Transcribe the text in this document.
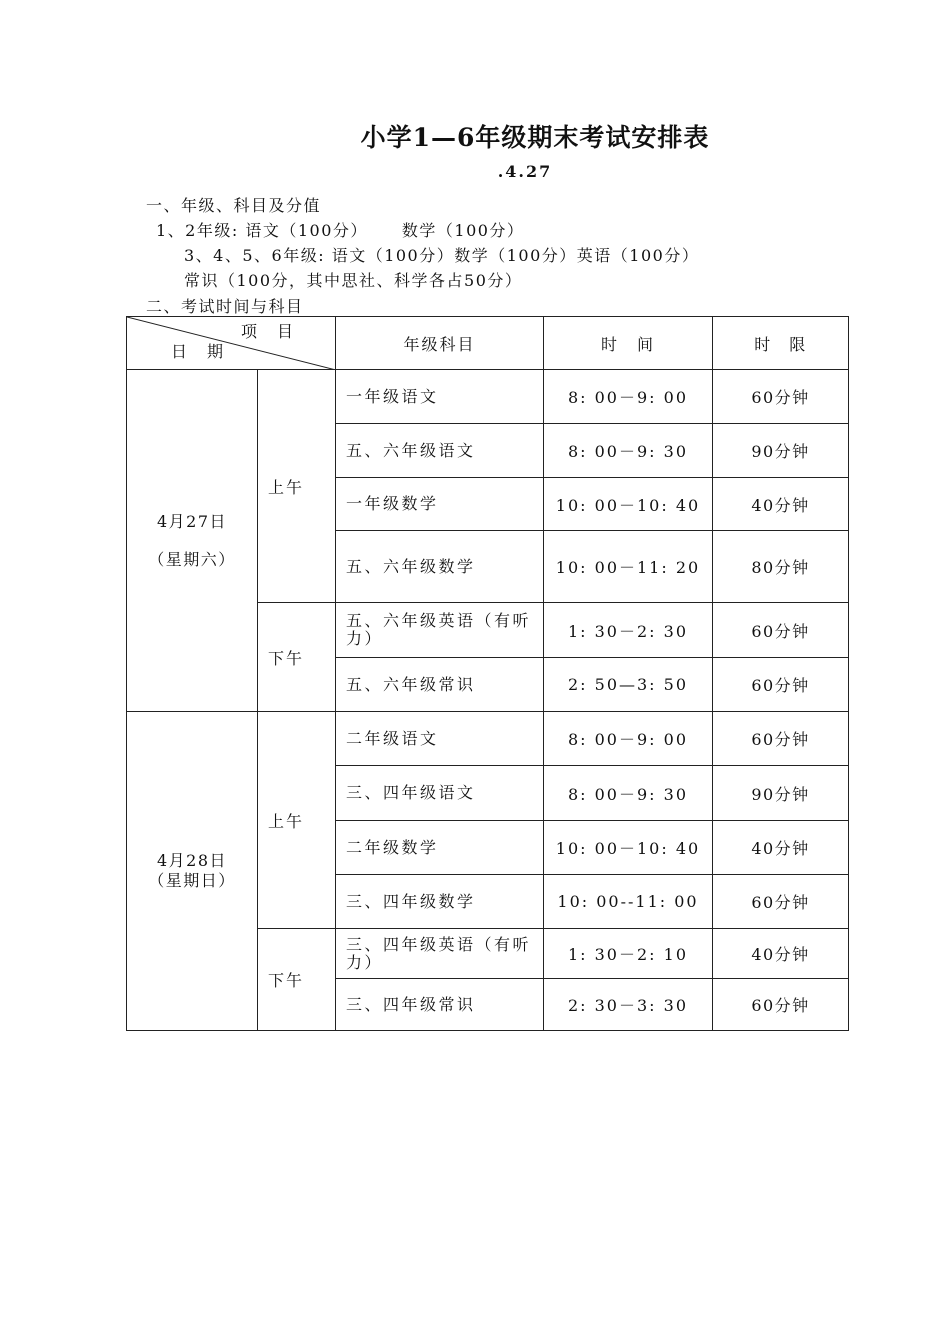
小学1—6年级期末考试安排表
.4.27
一、年级、科目及分值
1、2年级: 语文（100分） 数学（100分）
3、4、5、6年级: 语文（100分）数学（100分）英语（100分）
常识（100分，其中思社、科学各占50分）
二、考试时间与科目
项　目
日　期		年级科目	时　间	时　限

4月27日
（星期六）	上午	一年级语文	8: 00－9: 00	60分钟
		五、六年级语文	8: 00－9: 30	90分钟
		一年级数学	10: 00－10: 40	40分钟
		五、六年级数学	10: 00－11: 20	80分钟
	下午	五、六年级英语（有听力）	1: 30－2: 30	60分钟
		五、六年级常识	2: 50—3: 50	60分钟

4月28日
（星期日）	上午	二年级语文	8: 00－9: 00	60分钟
		三、四年级语文	8: 00－9: 30	90分钟
		二年级数学	10: 00－10: 40	40分钟
		三、四年级数学	10: 00--11: 00	60分钟
	下午	三、四年级英语（有听力）	1: 30－2: 10	40分钟
		三、四年级常识	2: 30－3: 30	60分钟
